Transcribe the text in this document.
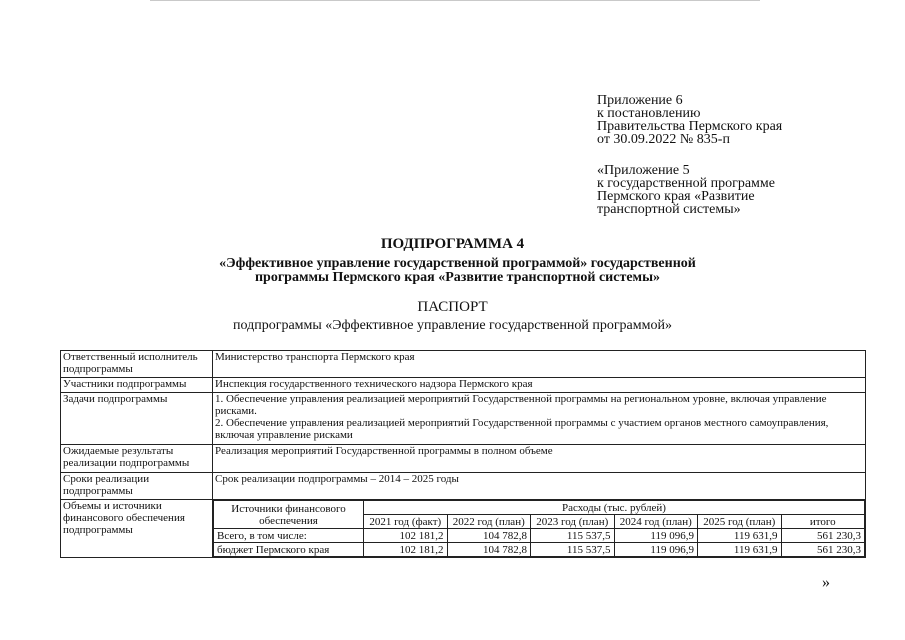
Приложение 6
к постановлению
Правительства Пермского края
от 30.09.2022 № 835-п
«Приложение 5
к государственной программе
Пермского края «Развитие
транспортной системы»
ПОДПРОГРАММА 4
«Эффективное управление государственной программой» государственной
программы Пермского края «Развитие транспортной системы»
ПАСПОРТ
подпрограммы «Эффективное управление государственной программой»
Ответственный исполнитель подпрограммы	Министерство транспорта Пермского края
Участники подпрограммы	Инспекция государственного технического надзора Пермского края
Задачи подпрограммы	1. Обеспечение управления реализацией мероприятий Государственной программы на региональном уровне, включая управление рисками.
2. Обеспечение управления реализацией мероприятий Государственной программы с участием органов местного самоуправления, включая управление рисками

Ожидаемые результаты реализации подпрограммы	Реализация мероприятий Государственной программы в полном объеме
Сроки реализации подпрограммы	Срок реализации подпрограммы – 2014 – 2025 годы
Объемы и источники финансового обеспечения подпрограммы	
Источники финансового обеспечения	Расходы (тыс. рублей)
2021 год (факт)	2022 год (план)	2023 год (план)	2024 год (план)	2025 год (план)	итого
Всего, в том числе:	102 181,2	104 782,8	115 537,5	119 096,9	119 631,9	561 230,3
бюджет Пермского края	102 181,2	104 782,8	115 537,5	119 096,9	119 631,9	561 230,3
»
